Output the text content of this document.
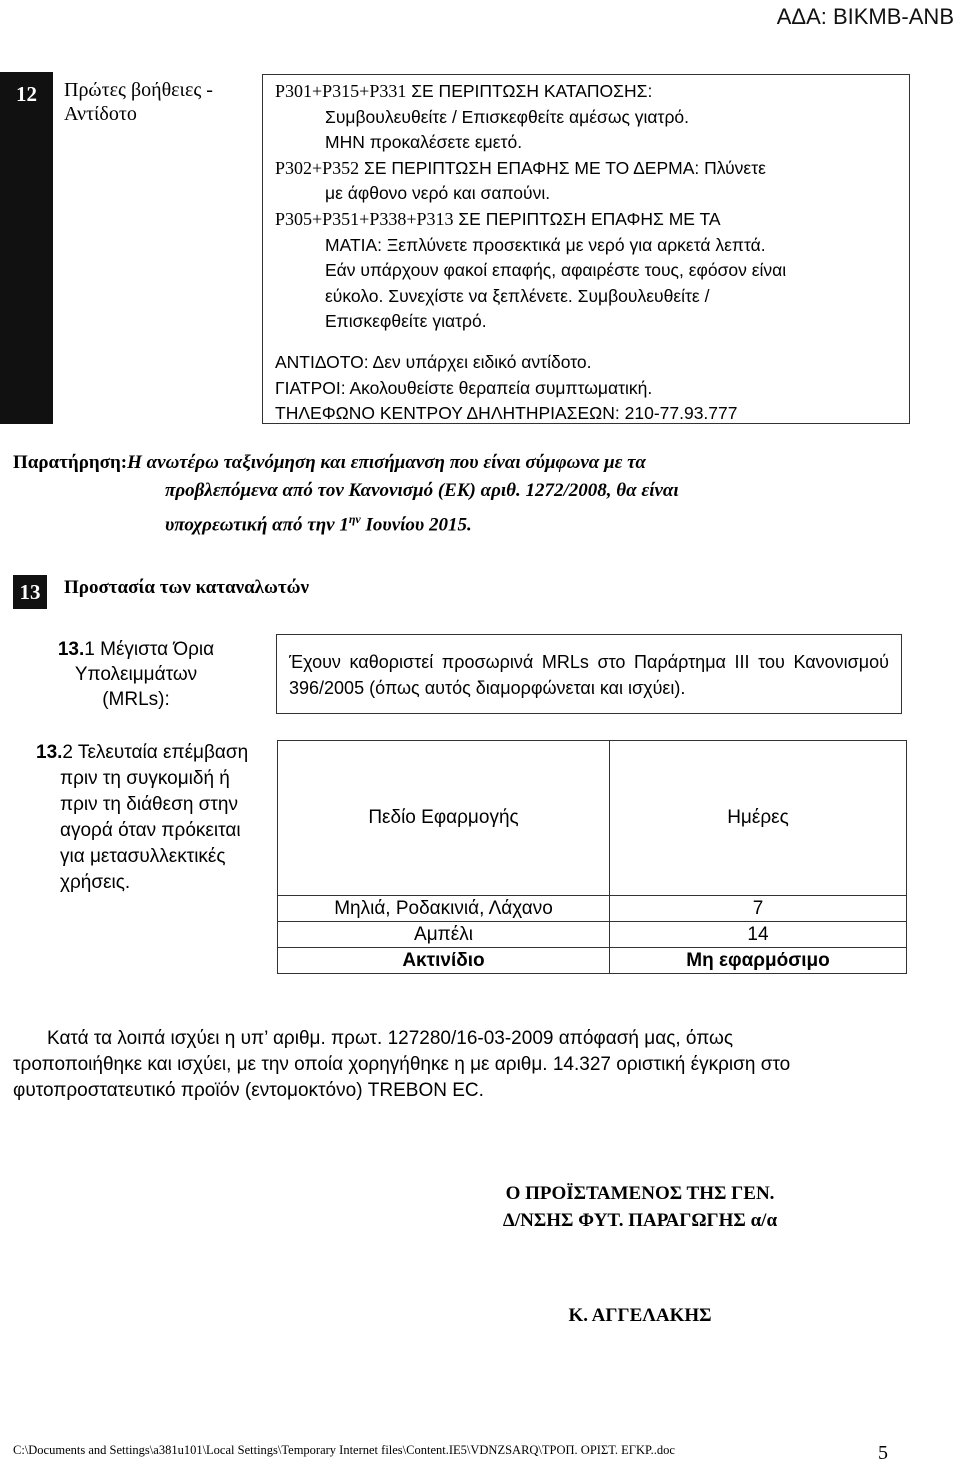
ΑΔΑ: ΒΙΚΜΒ-ΑΝΒ
12	Πρώτες βοήθειες -
Αντίδοτο
P301+P315+P331 ΣΕ ΠΕΡΙΠΤΩΣΗ ΚΑΤΑΠΟΣΗΣ:
Συμβουλευθείτε / Επισκεφθείτε αμέσως γιατρό.
ΜΗΝ προκαλέσετε εμετό.
P302+P352 ΣΕ ΠΕΡΙΠΤΩΣΗ ΕΠΑΦΗΣ ΜΕ ΤΟ ΔΕΡΜΑ: Πλύνετε
με άφθονο νερό και σαπούνι.
P305+P351+P338+P313 ΣΕ ΠΕΡΙΠΤΩΣΗ ΕΠΑΦΗΣ ΜΕ ΤΑ
ΜΑΤΙΑ: Ξεπλύνετε προσεκτικά με νερό για αρκετά λεπτά.
Εάν υπάρχουν φακοί επαφής, αφαιρέστε τους, εφόσον είναι
εύκολο. Συνεχίστε να ξεπλένετε. Συμβουλευθείτε /
Επισκεφθείτε γιατρό.
ΑΝΤΙΔΟΤΟ: Δεν υπάρχει ειδικό αντίδοτο.
ΓΙΑΤΡΟΙ: Ακολουθείστε θεραπεία συμπτωματική.
ΤΗΛΕΦΩΝΟ ΚΕΝΤΡΟΥ ΔΗΛΗΤΗΡΙΑΣΕΩΝ: 210-77.93.777
Παρατήρηση: Η ανωτέρω ταξινόμηση και επισήμανση που είναι σύμφωνα με τα
προβλεπόμενα από τον Κανονισμό (ΕΚ) αριθ. 1272/2008, θα είναι
υποχρεωτική από την $1^{\eta\nu}$ Ιουνίου 2015.
13	Προστασία των καταναλωτών
13.1 Μέγιστα Όρια
Υπολειμμάτων
(MRLs):
Έχουν καθοριστεί προσωρινά MRLs στο Παράρτημα ΙΙΙ του Κανονισμού 396/2005 (όπως αυτός διαμορφώνεται και ισχύει).
13.2 Τελευταία επέμβαση
πριν τη συγκομιδή ή
πριν τη διάθεση στην
αγορά όταν πρόκειται
για μετασυλλεκτικές
χρήσεις.
Πεδίο Εφαρμογής	Ημέρες
Μηλιά, Ροδακινιά, Λάχανο	7
Αμπέλι	14
Ακτινίδιο	Μη εφαρμόσιμο
Κατά τα λοιπά ισχύει η υπ’ αριθμ. πρωτ. 127280/16-03-2009 απόφασή μας, όπως
τροποποιήθηκε και ισχύει, με την οποία χορηγήθηκε η με αριθμ. 14.327 οριστική έγκριση στο
φυτοπροστατευτικό προϊόν (εντομοκτόνο) TREBON EC.
Ο ΠΡΟΪΣΤΑΜΕΝΟΣ ΤΗΣ ΓΕΝ.
Δ/ΝΣΗΣ ΦΥΤ. ΠΑΡΑΓΩΓΗΣ α/α
Κ. ΑΓΓΕΛΑΚΗΣ
C:\Documents and Settings\a381u101\Local Settings\Temporary Internet files\Content.IE5\VDNZSARQ\ΤΡΟΠ. ΟΡΙΣΤ. ΕΓΚΡ..doc	5
